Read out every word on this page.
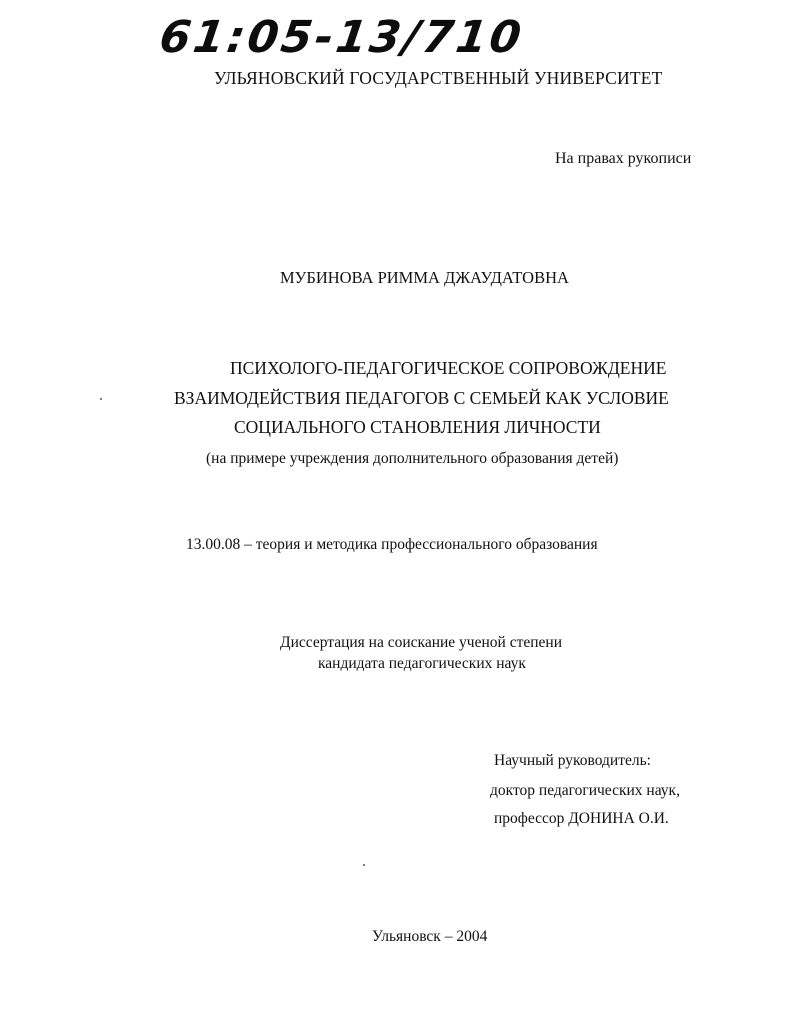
61:05-13/710
УЛЬЯНОВСКИЙ ГОСУДАРСТВЕННЫЙ УНИВЕРСИТЕТ
На правах рукописи
МУБИНОВА РИММА ДЖАУДАТОВНА
ПСИХОЛОГО-ПЕДАГОГИЧЕСКОЕ СОПРОВОЖДЕНИЕ
ВЗАИМОДЕЙСТВИЯ ПЕДАГОГОВ С СЕМЬЕЙ КАК УСЛОВИЕ
СОЦИАЛЬНОГО СТАНОВЛЕНИЯ ЛИЧНОСТИ
(на примере учреждения дополнительного образования детей)
13.00.08 – теория и методика профессионального образования
Диссертация на соискание ученой степени
кандидата педагогических наук
Научный руководитель:
доктор педагогических наук,
профессор ДОНИНА О.И.
Ульяновск – 2004
